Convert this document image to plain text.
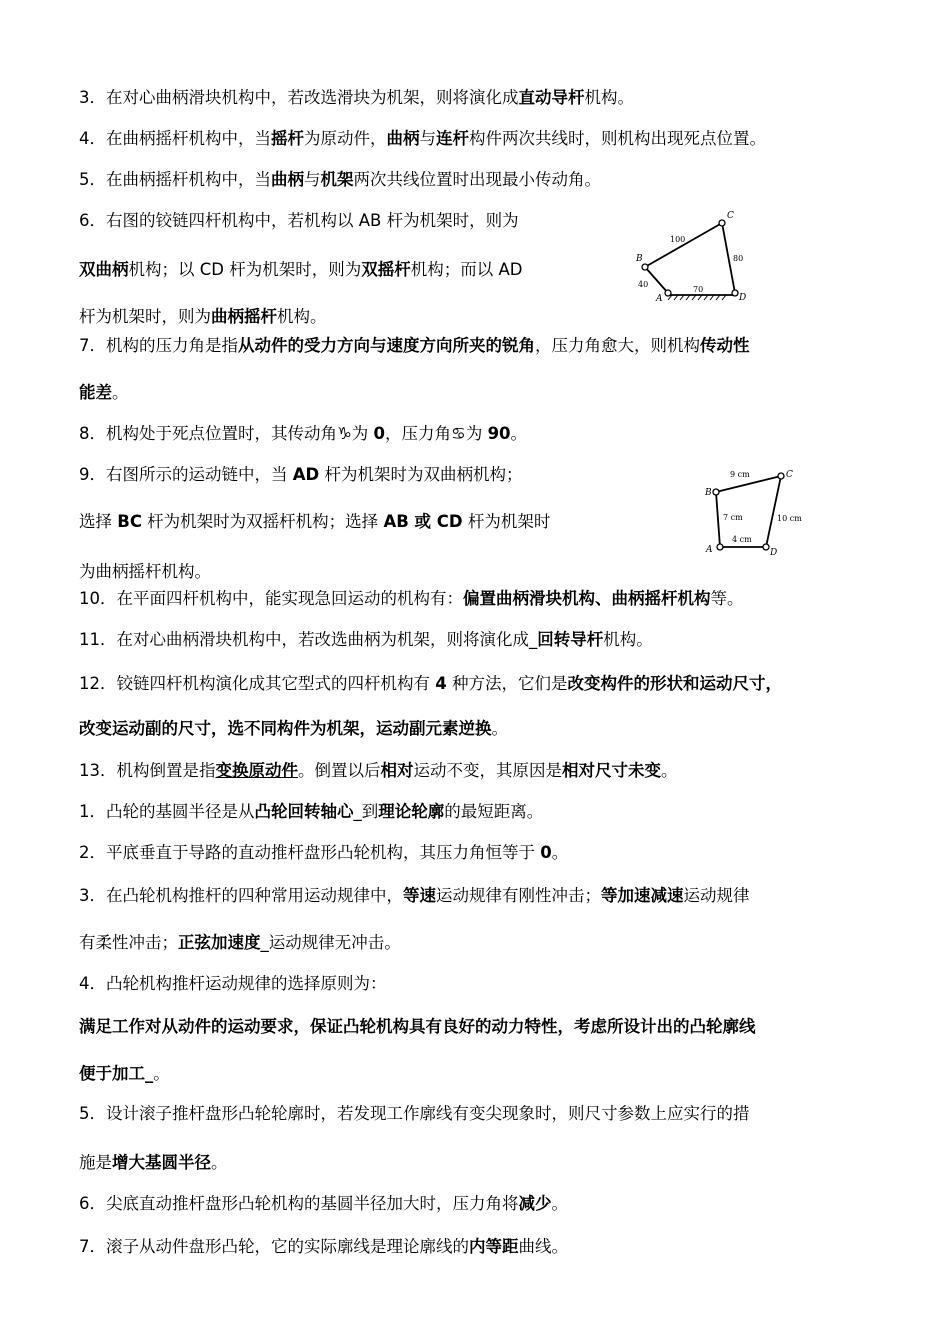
3．在对心曲柄滑块机构中，若改选滑块为机架，则将演化成直动导杆机构。
4．在曲柄摇杆机构中，当摇杆为原动件，曲柄与连杆构件两次共线时，则机构出现死点位置。
5．在曲柄摇杆机构中，当曲柄与机架两次共线位置时出现最小传动角。
6．右图的铰链四杆机构中，若机构以 AB 杆为机架时，则为
双曲柄机构；以 CD 杆为机架时，则为双摇杆机构；而以 AD
杆为机架时，则为曲柄摇杆机构。
7．机构的压力角是指从动件的受力方向与速度方向所夹的锐角，压力角愈大，则机构传动性
能差。
8．机构处于死点位置时，其传动角♑为 0，压力角♋为 90。
9．右图所示的运动链中，当 AD 杆为机架时为双曲柄机构；
选择 BC 杆为机架时为双摇杆机构；选择 AB 或 CD 杆为机架时
为曲柄摇杆机构。
10．在平面四杆机构中，能实现急回运动的机构有：偏置曲柄滑块机构、曲柄摇杆机构等。
11．在对心曲柄滑块机构中，若改选曲柄为机架，则将演化成_回转导杆机构。
12．铰链四杆机构演化成其它型式的四杆机构有 4 种方法，它们是改变构件的形状和运动尺寸，
改变运动副的尺寸，选不同构件为机架，运动副元素逆换。
13．机构倒置是指变换原动件。倒置以后相对运动不变，其原因是相对尺寸未变。
1．凸轮的基圆半径是从凸轮回转轴心_到理论轮廓的最短距离。
2．平底垂直于导路的直动推杆盘形凸轮机构，其压力角恒等于 0。
3．在凸轮机构推杆的四种常用运动规律中，等速运动规律有刚性冲击；等加速减速运动规律
有柔性冲击；正弦加速度_运动规律无冲击。
4．凸轮机构推杆运动规律的选择原则为：
满足工作对从动件的运动要求，保证凸轮机构具有良好的动力特性，考虑所设计出的凸轮廓线
便于加工_。
5．设计滚子推杆盘形凸轮轮廓时，若发现工作廓线有变尖现象时，则尺寸参数上应实行的措
施是增大基圆半径。
6．尖底直动推杆盘形凸轮机构的基圆半径加大时，压力角将减少。
7．滚子从动件盘形凸轮，它的实际廓线是理论廓线的内等距曲线。
B
C
A	D
100
80
40
70
B
C
A	D
9 cm
7 cm	10 cm
4 cm
